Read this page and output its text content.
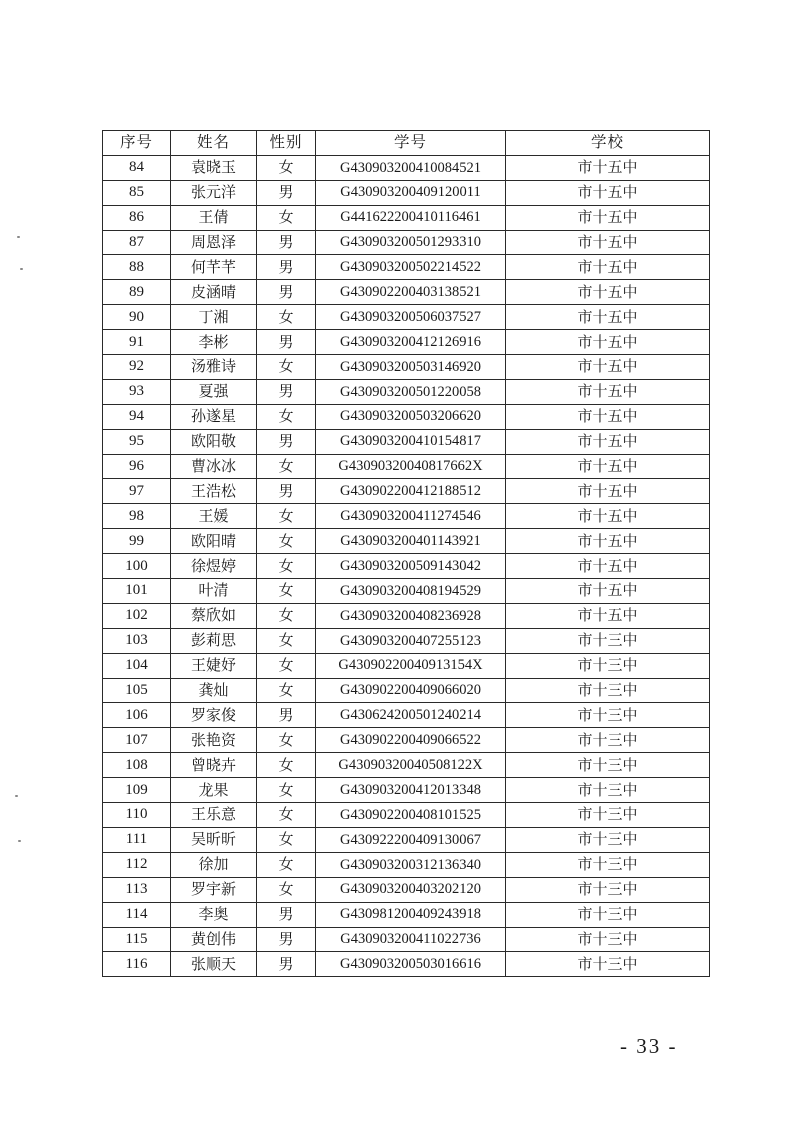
序号	姓名	性别	学号	学校
84	袁晓玉	女	G430903200410084521	市十五中
85	张元洋	男	G430903200409120011	市十五中
86	王倩	女	G441622200410116461	市十五中
87	周恩泽	男	G430903200501293310	市十五中
88	何芊芊	男	G430903200502214522	市十五中
89	皮涵晴	男	G430902200403138521	市十五中
90	丁湘	女	G430903200506037527	市十五中
91	李彬	男	G430903200412126916	市十五中
92	汤雅诗	女	G430903200503146920	市十五中
93	夏强	男	G430903200501220058	市十五中
94	孙遂星	女	G430903200503206620	市十五中
95	欧阳敬	男	G430903200410154817	市十五中
96	曹冰冰	女	G43090320040817662X	市十五中
97	王浩松	男	G430902200412188512	市十五中
98	王媛	女	G430903200411274546	市十五中
99	欧阳晴	女	G430903200401143921	市十五中
100	徐煜婷	女	G430903200509143042	市十五中
101	叶清	女	G430903200408194529	市十五中
102	蔡欣如	女	G430903200408236928	市十五中
103	彭莉思	女	G430903200407255123	市十三中
104	王婕妤	女	G43090220040913154X	市十三中
105	龚灿	女	G430902200409066020	市十三中
106	罗家俊	男	G430624200501240214	市十三中
107	张艳资	女	G430902200409066522	市十三中
108	曾晓卉	女	G43090320040508122X	市十三中
109	龙果	女	G430903200412013348	市十三中
110	王乐意	女	G430902200408101525	市十三中
111	吴昕昕	女	G430922200409130067	市十三中
112	徐加	女	G430903200312136340	市十三中
113	罗宇新	女	G430903200403202120	市十三中
114	李奥	男	G430981200409243918	市十三中
115	黄创伟	男	G430903200411022736	市十三中
116	张顺天	男	G430903200503016616	市十三中
- 33 -
